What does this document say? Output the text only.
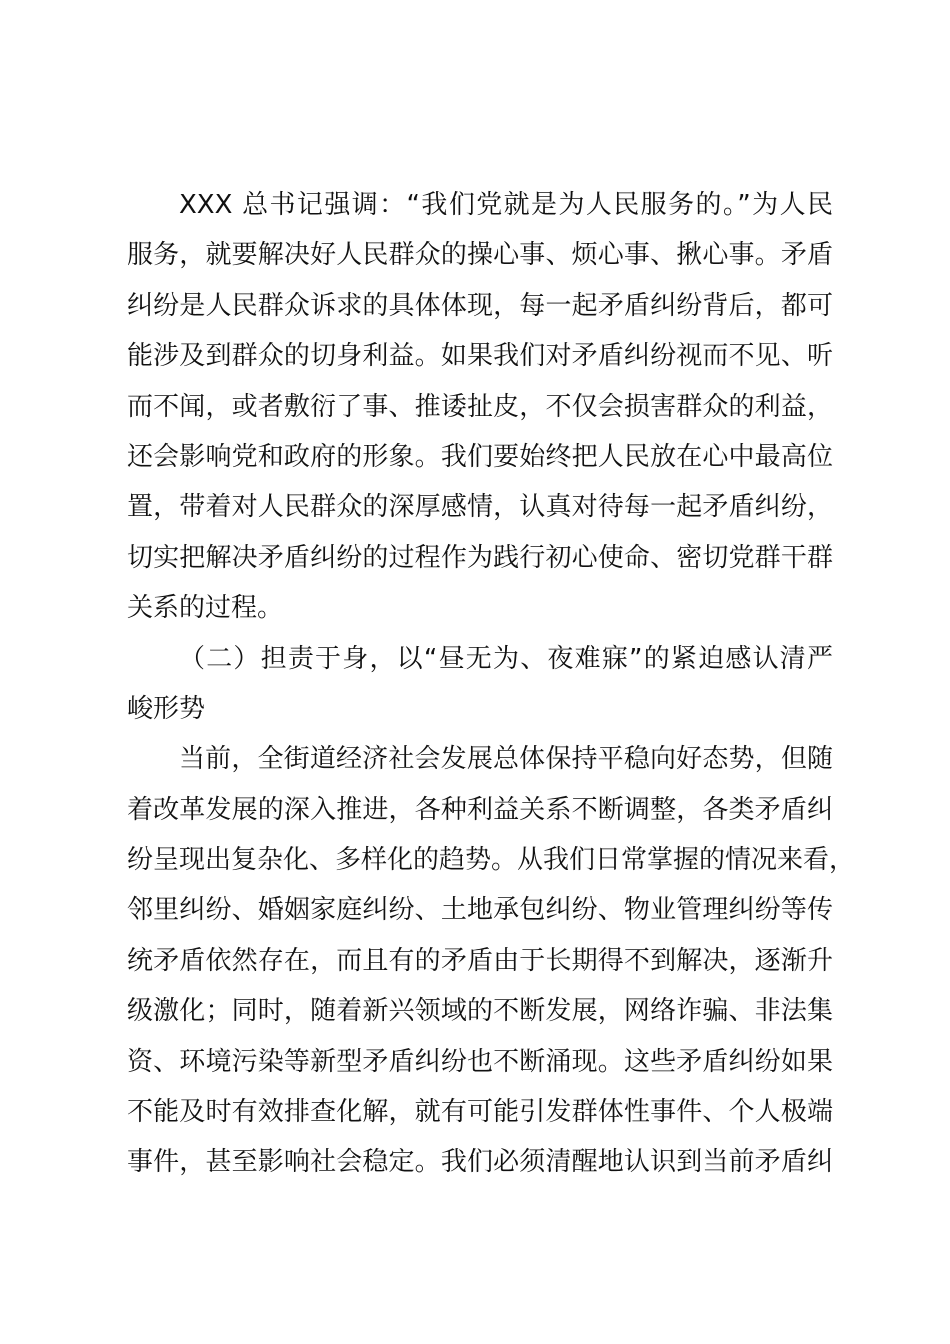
XXX 总书记强调：“我们党就是为人民服务的。”为人民
服务，就要解决好人民群众的操心事、烦心事、揪心事。矛盾
纠纷是人民群众诉求的具体体现，每一起矛盾纠纷背后，都可
能涉及到群众的切身利益。如果我们对矛盾纠纷视而不见、听
而不闻，或者敷衍了事、推诿扯皮，不仅会损害群众的利益，
还会影响党和政府的形象。我们要始终把人民放在心中最高位
置，带着对人民群众的深厚感情，认真对待每一起矛盾纠纷，
切实把解决矛盾纠纷的过程作为践行初心使命、密切党群干群
关系的过程。
（二）担责于身，以“昼无为、夜难寐”的紧迫感认清严
峻形势
当前，全街道经济社会发展总体保持平稳向好态势，但随
着改革发展的深入推进，各种利益关系不断调整，各类矛盾纠
纷呈现出复杂化、多样化的趋势。从我们日常掌握的情况来看，
邻里纠纷、婚姻家庭纠纷、土地承包纠纷、物业管理纠纷等传
统矛盾依然存在，而且有的矛盾由于长期得不到解决，逐渐升
级激化；同时，随着新兴领域的不断发展，网络诈骗、非法集
资、环境污染等新型矛盾纠纷也不断涌现。这些矛盾纠纷如果
不能及时有效排查化解，就有可能引发群体性事件、个人极端
事件，甚至影响社会稳定。我们必须清醒地认识到当前矛盾纠
